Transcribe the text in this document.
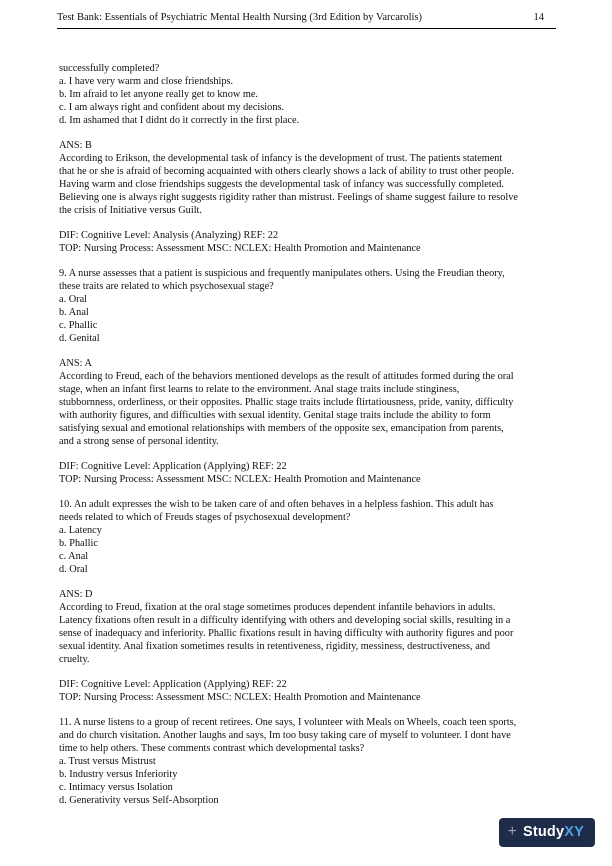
Test Bank: Essentials of Psychiatric Mental Health Nursing (3rd Edition by Varcarolis)	14
successfully completed?
a. I have very warm and close friendships.
b. Im afraid to let anyone really get to know me.
c. I am always right and confident about my decisions.
d. Im ashamed that I didnt do it correctly in the first place.
ANS: B
According to Erikson, the developmental task of infancy is the development of trust. The patients statement
that he or she is afraid of becoming acquainted with others clearly shows a lack of ability to trust other people.
Having warm and close friendships suggests the developmental task of infancy was successfully completed.
Believing one is always right suggests rigidity rather than mistrust. Feelings of shame suggest failure to resolve
the crisis of Initiative versus Guilt.
DIF: Cognitive Level: Analysis (Analyzing) REF: 22
TOP: Nursing Process: Assessment MSC: NCLEX: Health Promotion and Maintenance
9. A nurse assesses that a patient is suspicious and frequently manipulates others. Using the Freudian theory,
these traits are related to which psychosexual stage?
a. Oral
b. Anal
c. Phallic
d. Genital
ANS: A
According to Freud, each of the behaviors mentioned develops as the result of attitudes formed during the oral
stage, when an infant first learns to relate to the environment. Anal stage traits include stinginess,
stubbornness, orderliness, or their opposites. Phallic stage traits include flirtatiousness, pride, vanity, difficulty
with authority figures, and difficulties with sexual identity. Genital stage traits include the ability to form
satisfying sexual and emotional relationships with members of the opposite sex, emancipation from parents,
and a strong sense of personal identity.
DIF: Cognitive Level: Application (Applying) REF: 22
TOP: Nursing Process: Assessment MSC: NCLEX: Health Promotion and Maintenance
10. An adult expresses the wish to be taken care of and often behaves in a helpless fashion. This adult has
needs related to which of Freuds stages of psychosexual development?
a. Latency
b. Phallic
c. Anal
d. Oral
ANS: D
According to Freud, fixation at the oral stage sometimes produces dependent infantile behaviors in adults.
Latency fixations often result in a difficulty identifying with others and developing social skills, resulting in a
sense of inadequacy and inferiority. Phallic fixations result in having difficulty with authority figures and poor
sexual identity. Anal fixation sometimes results in retentiveness, rigidity, messiness, destructiveness, and
cruelty.
DIF: Cognitive Level: Application (Applying) REF: 22
TOP: Nursing Process: Assessment MSC: NCLEX: Health Promotion and Maintenance
11. A nurse listens to a group of recent retirees. One says, I volunteer with Meals on Wheels, coach teen sports,
and do church visitation. Another laughs and says, Im too busy taking care of myself to volunteer. I dont have
time to help others. These comments contrast which developmental tasks?
a. Trust versus Mistrust
b. Industry versus Inferiority
c. Intimacy versus Isolation
d. Generativity versus Self-Absorption
+ StudyXY
